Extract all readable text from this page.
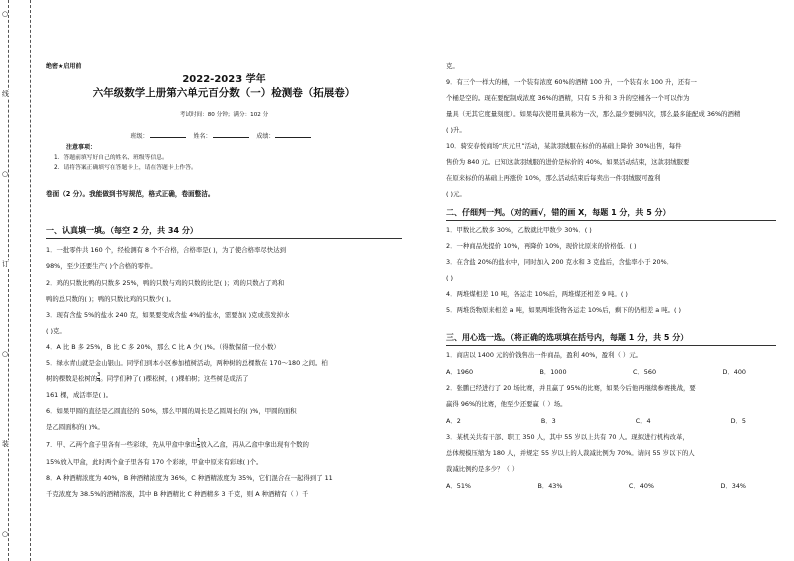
○
线
○
订
○
装
○
绝密★启用前
2022-2023 学年
六年级数学上册第六单元百分数（一）检测卷（拓展卷）
考试时间：80 分钟；满分：102 分
班级：	姓名：	成绩：
注意事项：
1．答题前填写好自己的姓名、班级等信息。
2．请将答案正确填写在答题卡上，请在答题卡上作答。
卷面（2 分）。我能做到书写规范，格式正确，卷面整洁。
一、认真填一填。（每空 2 分，共 34 分）
1．一批零件共 160 个，经检测有 8 个不合格，合格率是( )，为了使合格率尽快达到
98%，至少还要生产( )个合格的零件。
2．鸡的只数比鸭的只数多 25%，鸭的只数与鸡的只数的比是( )；鸡的只数占了鸡和
鸭的总只数的( )；鸭的只数比鸡的只数少( )。
3．现有含盐 5%的盐水 240 克，如果要变成含盐 4%的盐水，需要加( )克或蒸发掉水
( )克。
4．A 比 B 多 25%，B 比 C 多 20%，那么 C 比 A 少( )%。（得数保留一位小数）
5．绿水青山就是金山银山。同学们到本小区参加植树活动，两种树的总棵数在 170～180 之间。柏
树的棵数是松树的 $\frac{3}{4}$ 。同学们种了( )棵松树，( )棵柏树；这些树是成活了
161 棵，成活率是( )。
6．如果甲圆的直径是乙圆直径的 50%，那么甲圆的周长是乙圆周长的( )%，甲圆的面积
是乙圆面积的( )%。
7．甲、乙两个盒子里各有一些彩球，先从甲盒中拿出 $\frac{1}{5}$ 放入乙盒，再从乙盒中拿出现有个数的
15%放入甲盒，此时两个盒子里各有 170 个彩球，甲盒中原来有彩球( )个。
8．A 种酒精浓度为 40%，B 种酒精浓度为 36%，C 种酒精浓度为 35%，它们混合在一起得到了 11
千克浓度为 38.5%的酒精溶液，其中 B 种酒精比 C 种酒精多 3 千克，则 A 种酒精有（ ）千
克。
9．有三个一样大的桶，一个装有浓度 60%的酒精 100 升，一个装有水 100 升，还有一
个桶是空的。现在要配制成浓度 36%的酒精，只有 5 升和 3 升的空桶各一个可以作为
量具（无其它度量刻度）。如果每次使用量具称为一次，那么最少要倒四次，那么最多能配成 36%的酒精
( )升。
10．骑安春悦商场“庆元旦”活动，某款羽绒服在标价的基础上降价 30%出售，每件
售价为 840 元。已知这款羽绒服的进价是标价的 40%。如果活动结束，这款羽绒服要
在原来标价的基础上再涨价 10%，那么活动结束后每卖出一件羽绒服可盈利
( )元。
二、仔细判一判。（对的画√，错的画 X，每题 1 分，共 5 分）
1．甲数比乙数多 30%，乙数就比甲数少 30%．( )
2．一种商品先提价 10%，再降价 10%，现价比原来的价格低．( )
3．在含盐 20%的盐水中，同时加入 200 克水和 3 克盐后，含盐率小于 20%．
( )
4．两堆煤相差 10 吨，各运走 10%后，两堆煤还相差 9 吨。( )
5．两堆货物原来相差 a 吨，如果两堆货物各运走 10%后，剩下的仍相差 a 吨。( )
三、用心选一选。（将正确的选项填在括号内，每题 1 分，共 5 分）
1．商店以 1400 元的价钱售出一件商品，盈利 40%，盈利（ ）元。
A．1960	B．1000	C．560	D．400
2．张鹏已经进行了 20 场比赛，并且赢了 95%的比赛，如果今后他再继续参赛挑战，要
赢得 96%的比赛，他至少还要赢（ ）场。
A．2	B．3	C．4	D．5
3．某机关共有干部、职工 350 人，其中 55 岁以上共有 70 人。现拟进行机构改革，
总体规模压缩为 180 人，并规定 55 岁以上的人裁减比例为 70%。请问 55 岁以下的人
裁减比例约是多少？（ ）
A．51%	B．43%	C．40%	D．34%
